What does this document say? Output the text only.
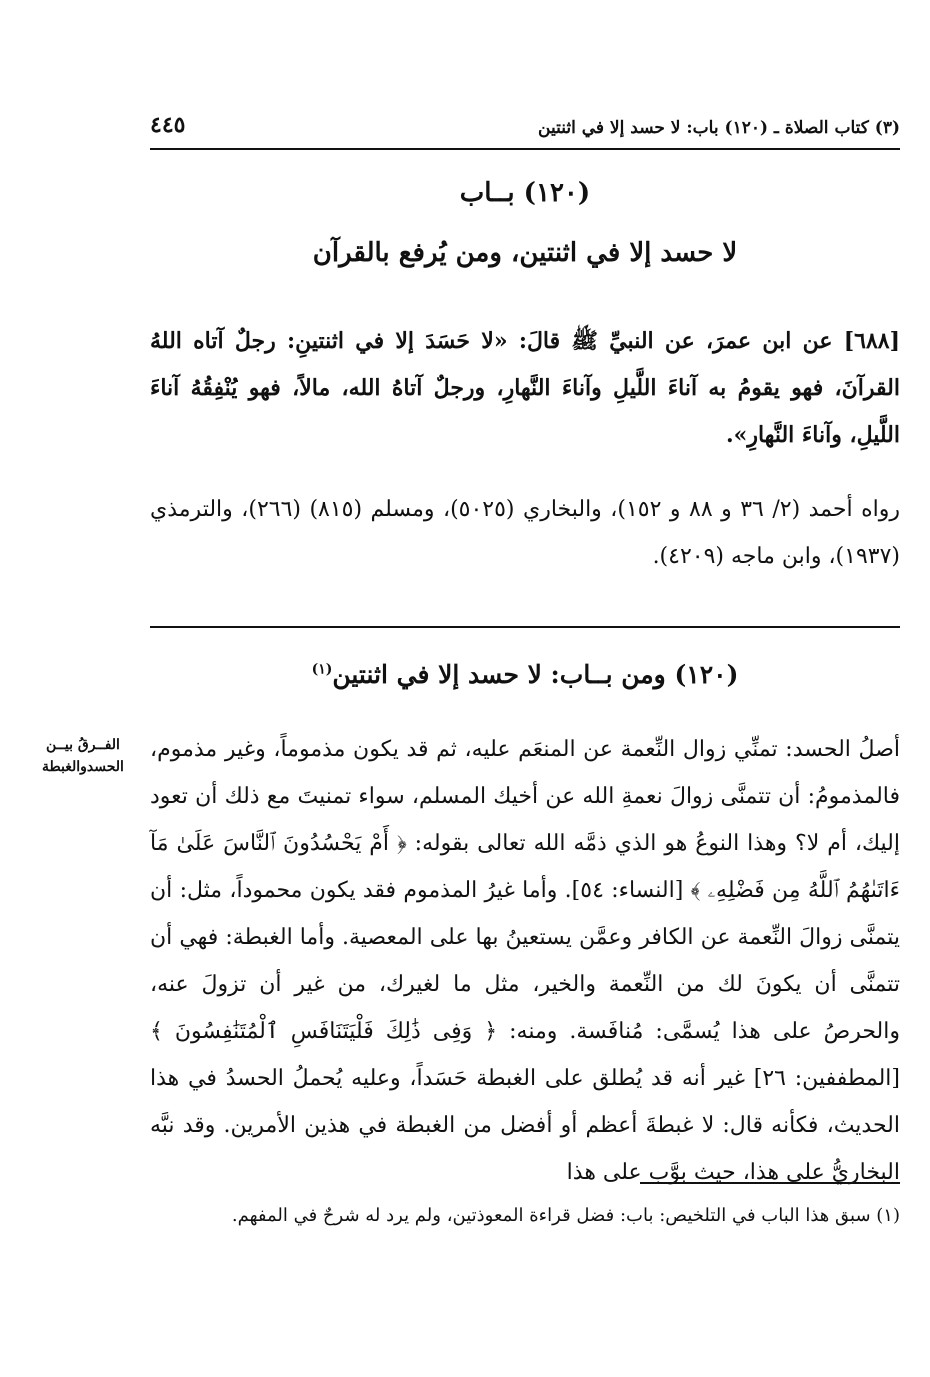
(٣) كتاب الصلاة ـ (١٢٠) باب: لا حسد إلا في اثنتين
٤٤٥
(١٢٠) بــاب
لا حسد إلا في اثنتين، ومن يُرفع بالقرآن
[٦٨٨] عن ابن عمرَ، عن النبيِّ ﷺ قالَ: «لا حَسَدَ إلا في اثنتينِ: رجلٌ آتاه اللهُ القرآنَ، فهو يقومُ به آناءَ اللَّيلِ وآناءَ النَّهارِ، ورجلٌ آتاهُ الله، مالاً، فهو يُنْفِقُهُ آناءَ اللَّيلِ، وآناءَ النَّهارِ».
رواه أحمد (٢/ ٣٦ و ٨٨ و ١٥٢)، والبخاري (٥٠٢٥)، ومسلم (٨١٥) (٢٦٦)، والترمذي (١٩٣٧)، وابن ماجه (٤٢٠٩).
(١٢٠) ومن بــاب: لا حسد إلا في اثنتين$^{(١)}$
الفــرقُ بيــن الحسدوالغبطة
أصلُ الحسد: تمنِّي زوال النِّعمة عن المنعَم عليه، ثم قد يكون مذموماً، وغير مذموم، فالمذمومُ: أن تتمنَّى زوالَ نعمةِ الله عن أخيك المسلم، سواء تمنيتَ مع ذلك أن تعود إليك، أم لا؟ وهذا النوعُ هو الذي ذمَّه الله تعالى بقوله: ﴿ أَمْ يَحْسُدُونَ ٱلنَّاسَ عَلَىٰ مَآ ءَاتَىٰهُمُ ٱللَّهُ مِن فَضْلِهِۦ ﴾ [النساء: ٥٤]. وأما غيرُ المذموم فقد يكون محموداً، مثل: أن يتمنَّى زوالَ النِّعمة عن الكافر وعمَّن يستعينُ بها على المعصية. وأما الغبطة: فهي أن تتمنَّى أن يكونَ لك من النِّعمة والخير، مثل ما لغيرك، من غير أن تزولَ عنه، والحرصُ على هذا يُسمَّى: مُنافَسة. ومنه: ﴿ وَفِى ذَٰلِكَ فَلْيَتَنَافَسِ ٱلْمُتَنَٰفِسُونَ ﴾ [المطففين: ٢٦] غير أنه قد يُطلق على الغبطة حَسَداً، وعليه يُحملُ الحسدُ في هذا الحديث، فكأنه قال: لا غبطةَ أعظم أو أفضل من الغبطة في هذين الأمرين. وقد نبَّه البخاريُّ على هذا، حيث بوَّب على هذا
(١) سبق هذا الباب في التلخيص: باب: فضل قراءة المعوذتين، ولم يرد له شرحٌ في المفهم.
